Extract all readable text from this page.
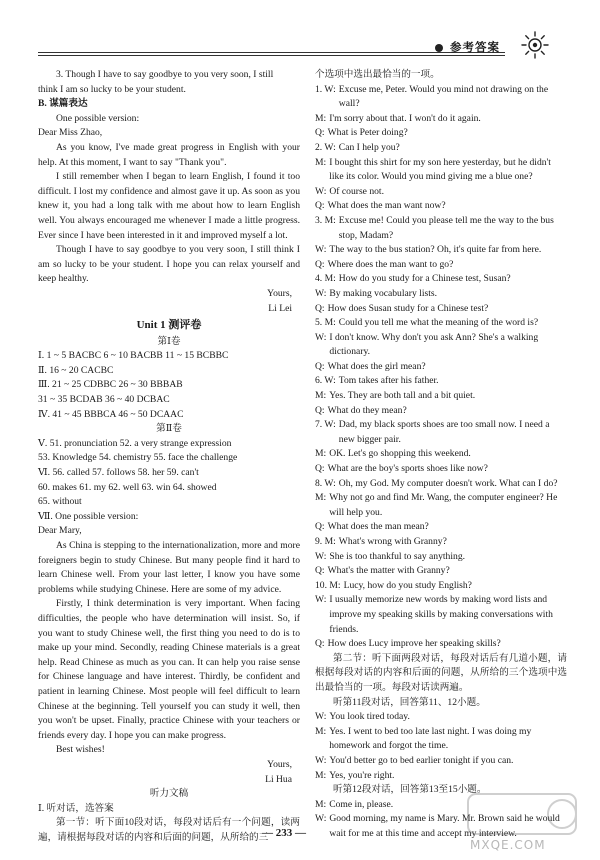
参考答案

3. Though I have to say goodbye to you very soon, I still

think I am so lucky to be your student.

B. 谋篇表达

One possible version:

Dear Miss Zhao,

As you know, I've made great progress in English with your help. At this moment, I want to say "Thank you".

I still remember when I began to learn English, I found it too difficult. I lost my confidence and almost gave it up. As soon as you knew it, you had a long talk with me about how to learn English well. You always encouraged me whenever I made a little progress. Ever since I have been interested in it and improved myself a lot.

Though I have to say goodbye to you very soon, I still think I am so lucky to be your student. I hope you can relax yourself and keep healthy.

Yours,

Li Lei

Unit 1 测评卷

第Ⅰ卷

Ⅰ. 1 ~ 5 BACBC 6 ~ 10 BACBB 11 ~ 15 BCBBC

Ⅱ. 16 ~ 20 CACBC

Ⅲ. 21 ~ 25 CDBBC 26 ~ 30 BBBAB

31 ~ 35 BCDAB 36 ~ 40 DCBAC

Ⅳ. 41 ~ 45 BBBCA 46 ~ 50 DCAAC

第Ⅱ卷

Ⅴ. 51. pronunciation 52. a very strange expression

53. Knowledge 54. chemistry 55. face the challenge

Ⅵ. 56. called 57. follows 58. her 59. can't

60. makes 61. my 62. well 63. win 64. showed

65. without

Ⅶ. One possible version:

Dear Mary,

As China is stepping to the internationalization, more and more foreigners begin to study Chinese. But many people find it hard to learn Chinese well. From your last letter, I know you have some problems while studying Chinese. Here are some of my advice.

Firstly, I think determination is very important. When facing difficulties, the people who have determination will insist. So, if you want to study Chinese well, the first thing you need to do is to make up your mind. Secondly, reading Chinese materials is a great help. Read Chinese as much as you can. It can help you raise sense for Chinese language and have interest. Thirdly, be confident and patient in learning Chinese. Most people will feel difficult to learn Chinese at the beginning. Tell yourself you can study it well, then you won't be upset. Finally, practice Chinese with your teachers or friends every day. I hope you can make progress.

Best wishes!

Yours,

Li Hua

听力文稿

Ⅰ. 听对话，选答案

第一节：听下面10段对话，每段对话后有一个问题，读两遍，请根据每段对话的内容和后面的问题，从所给的三

个选项中选出最恰当的一项。

1. W: Excuse me, Peter. Would you mind not drawing on the wall?
M: I'm sorry about that. I won't do it again.
Q: What is Peter doing?
2. W: Can I help you?
M: I bought this shirt for my son here yesterday, but he didn't like its color. Would you mind giving me a blue one?
W: Of course not.
Q: What does the man want now?
3. M: Excuse me! Could you please tell me the way to the bus stop, Madam?
W: The way to the bus station? Oh, it's quite far from here.
Q: Where does the man want to go?
4. M: How do you study for a Chinese test, Susan?
W: By making vocabulary lists.
Q: How does Susan study for a Chinese test?
5. M: Could you tell me what the meaning of the word is?
W: I don't know. Why don't you ask Ann? She's a walking dictionary.
Q: What does the girl mean?
6. W: Tom takes after his father.
M: Yes. They are both tall and a bit quiet.
Q: What do they mean?
7. W: Dad, my black sports shoes are too small now. I need a new bigger pair.
M: OK. Let's go shopping this weekend.
Q: What are the boy's sports shoes like now?
8. W: Oh, my God. My computer doesn't work. What can I do?
M: Why not go and find Mr. Wang, the computer engineer? He will help you.
Q: What does the man mean?
9. M: What's wrong with Granny?
W: She is too thankful to say anything.
Q: What's the matter with Granny?
10. M: Lucy, how do you study English?
W: I usually memorize new words by making word lists and improve my speaking skills by making conversations with friends.
Q: How does Lucy improve her speaking skills?

第二节：听下面两段对话，每段对话后有几道小题，请根据每段对话的内容和后面的问题，从所给的三个选项中选出最恰当的一项。每段对话读两遍。

听第11段对话，回答第11、12小题。

W: You look tired today.
M: Yes. I went to bed too late last night. I was doing my homework and forgot the time.
W: You'd better go to bed earlier tonight if you can.
M: Yes, you're right.

听第12段对话，回答第13至15小题。

M: Come in, please.
W: Good morning, my name is Mary. Mr. Brown said he would wait for me at this time and accept my interview.
— 233 —
MXQE.COM
